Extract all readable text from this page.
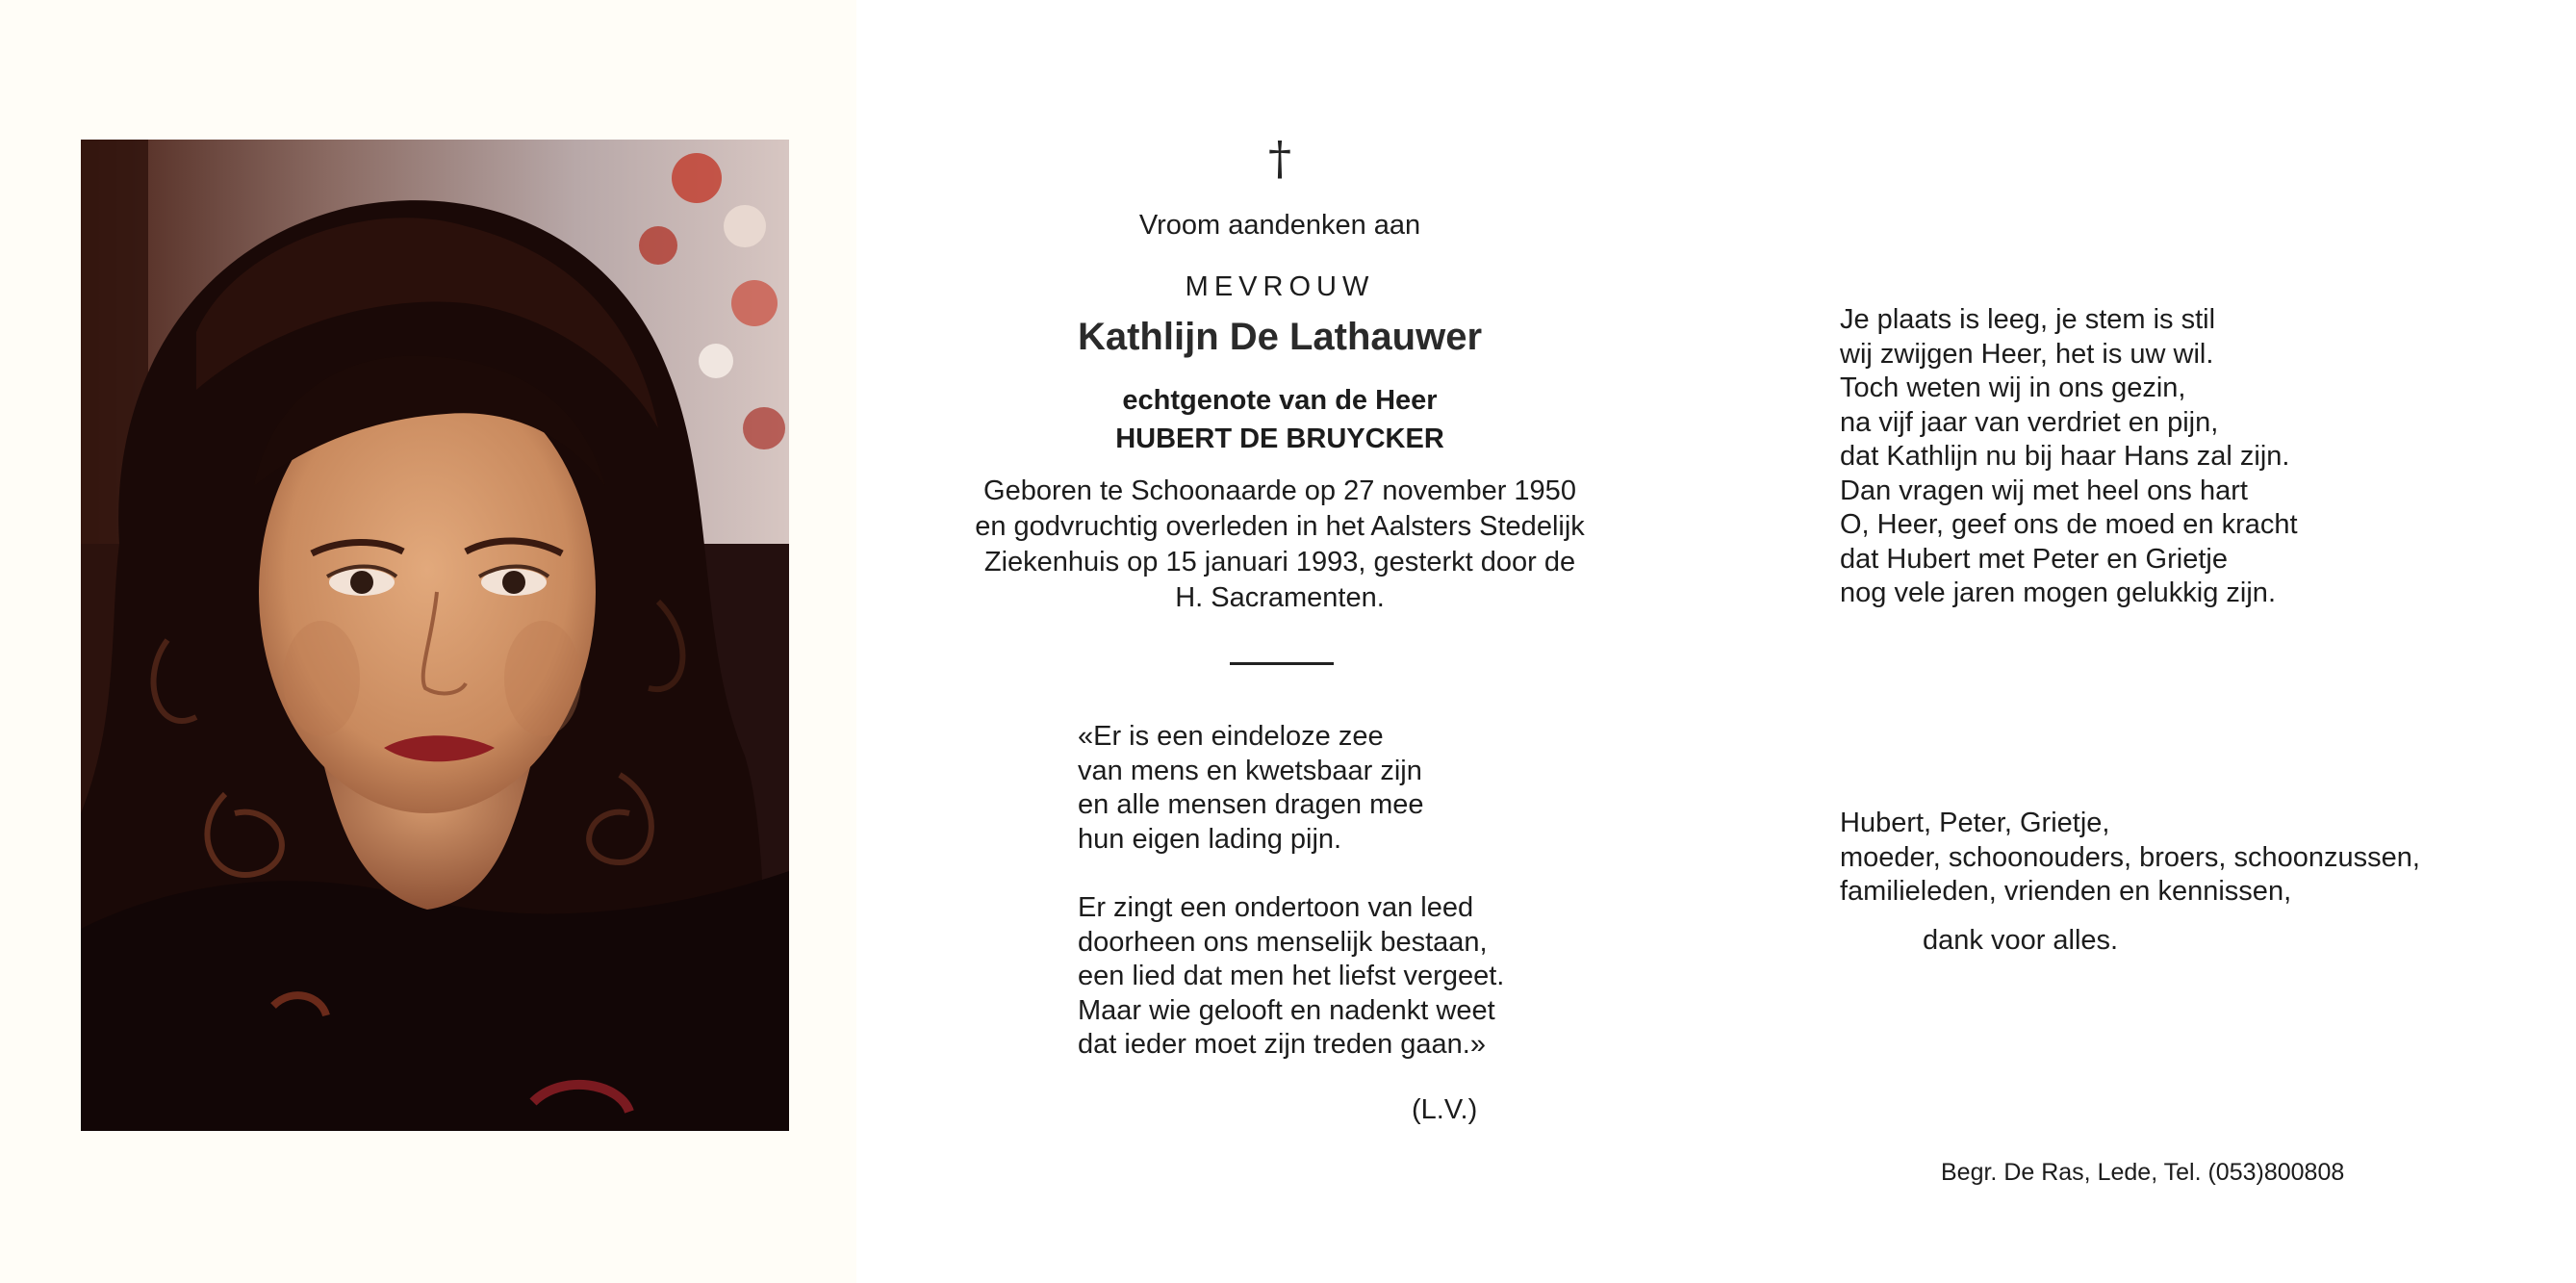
†
Vroom aandenken aan
MEVROUW
Kathlijn De Lathauwer
echtgenote van de Heer
HUBERT DE BRUYCKER
Geboren te Schoonaarde op 27 november 1950
en godvruchtig overleden in het Aalsters Stedelijk
Ziekenhuis op 15 januari 1993, gesterkt door de
H. Sacramenten.
«Er is een eindeloze zee
van mens en kwetsbaar zijn
en alle mensen dragen mee
hun eigen lading pijn.
Er zingt een ondertoon van leed
doorheen ons menselijk bestaan,
een lied dat men het liefst vergeet.
Maar wie gelooft en nadenkt weet
dat ieder moet zijn treden gaan.»
(L.V.)
Je plaats is leeg, je stem is stil
wij zwijgen Heer, het is uw wil.
Toch weten wij in ons gezin,
na vijf jaar van verdriet en pijn,
dat Kathlijn nu bij haar Hans zal zijn.
Dan vragen wij met heel ons hart
O, Heer, geef ons de moed en kracht
dat Hubert met Peter en Grietje
nog vele jaren mogen gelukkig zijn.
Hubert, Peter, Grietje,
moeder, schoonouders, broers, schoonzussen,
familieleden, vrienden en kennissen,
dank voor alles.
Begr. De Ras, Lede, Tel. (053)800808
